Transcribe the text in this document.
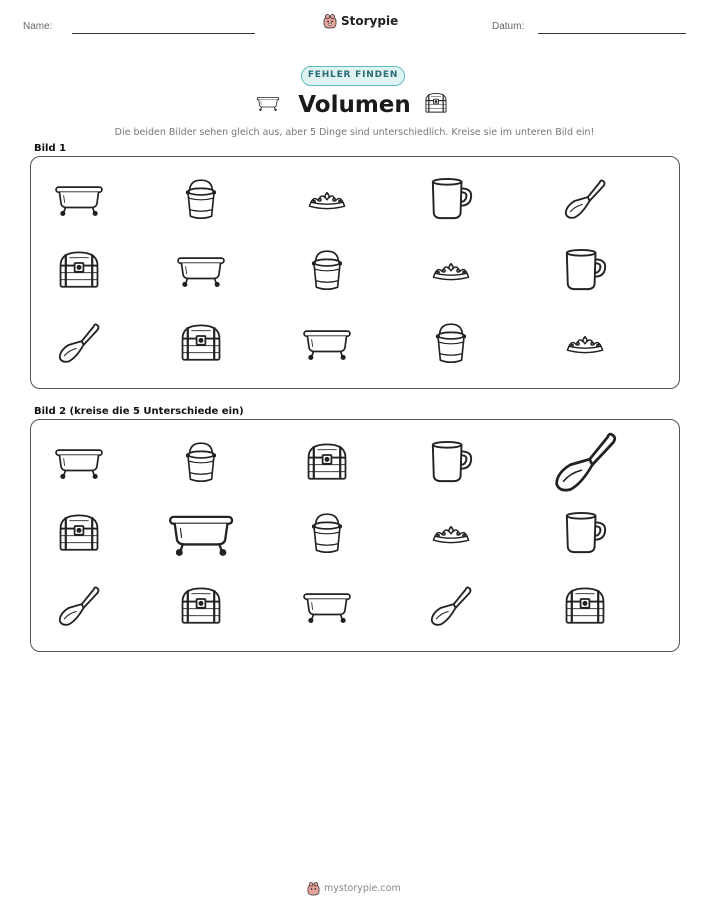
Name:	Storypie	Datum:
FEHLER FINDEN
Volumen
Die beiden Bilder sehen gleich aus, aber 5 Dinge sind unterschiedlich. Kreise sie im unteren Bild ein!
Bild 1
Bild 2 (kreise die 5 Unterschiede ein)
mystorypie.com
